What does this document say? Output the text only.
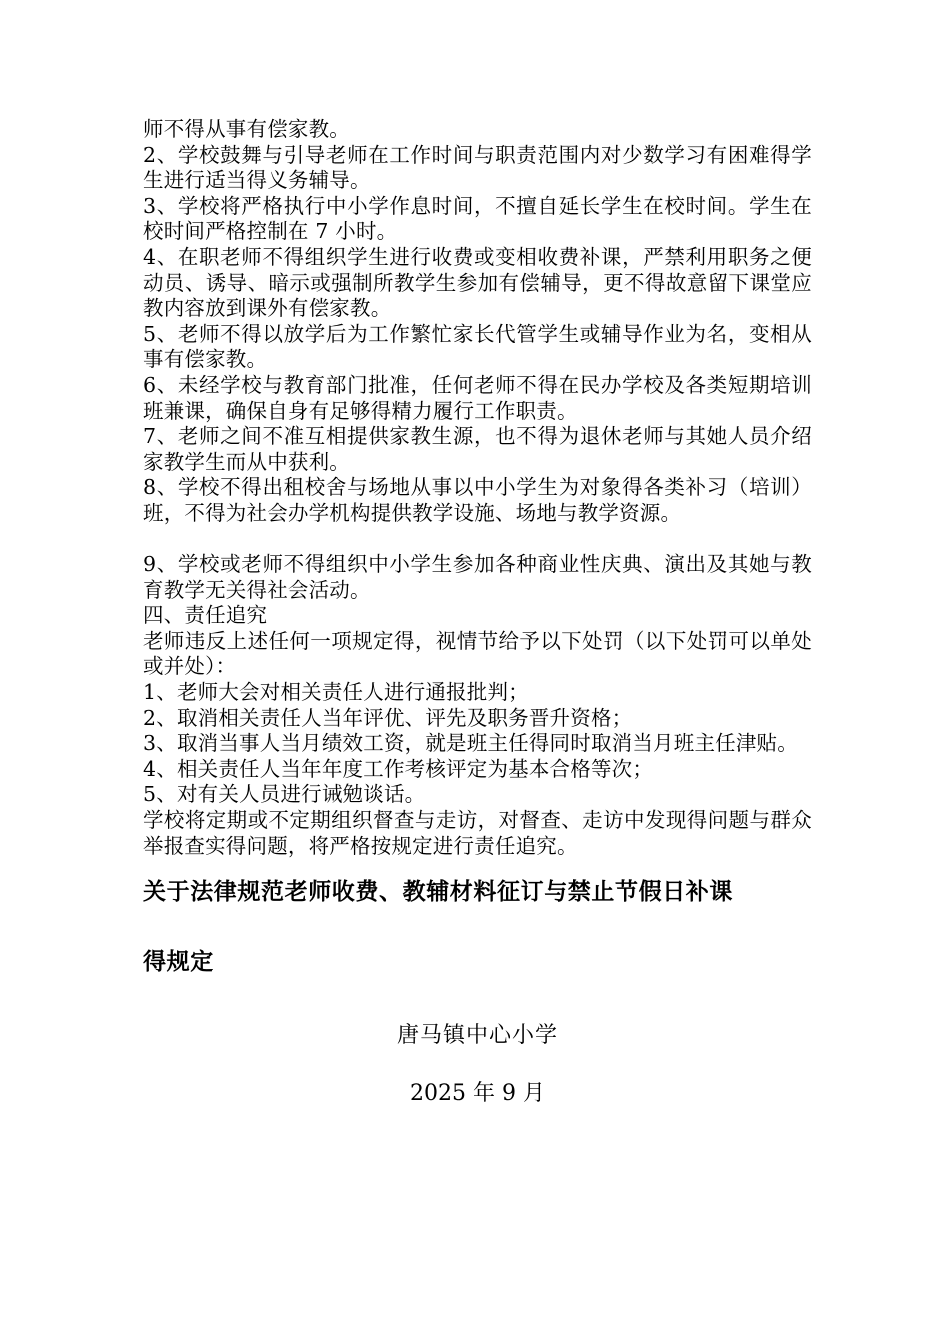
师不得从事有偿家教。

2、学校鼓舞与引导老师在工作时间与职责范围内对少数学习有困难得学生进行适当得义务辅导。

3、学校将严格执行中小学作息时间，不擅自延长学生在校时间。学生在校时间严格控制在 7 小时。

4、在职老师不得组织学生进行收费或变相收费补课，严禁利用职务之便动员、诱导、暗示或强制所教学生参加有偿辅导，更不得故意留下课堂应教内容放到课外有偿家教。

5、老师不得以放学后为工作繁忙家长代管学生或辅导作业为名，变相从事有偿家教。

6、未经学校与教育部门批准，任何老师不得在民办学校及各类短期培训班兼课，确保自身有足够得精力履行工作职责。

7、老师之间不准互相提供家教生源，也不得为退休老师与其她人员介绍家教学生而从中获利。

8、学校不得出租校舍与场地从事以中小学生为对象得各类补习（培训）班，不得为社会办学机构提供教学设施、场地与教学资源。

9、学校或老师不得组织中小学生参加各种商业性庆典、演出及其她与教育教学无关得社会活动。

四、责任追究

老师违反上述任何一项规定得，视情节给予以下处罚（以下处罚可以单处或并处）：

1、老师大会对相关责任人进行通报批判；

2、取消相关责任人当年评优、评先及职务晋升资格；

3、取消当事人当月绩效工资，就是班主任得同时取消当月班主任津贴。

4、相关责任人当年年度工作考核评定为基本合格等次；

5、对有关人员进行诫勉谈话。

学校将定期或不定期组织督查与走访，对督查、走访中发现得问题与群众举报查实得问题，将严格按规定进行责任追究。

关于法律规范老师收费、教辅材料征订与禁止节假日补课
得规定

唐马镇中心小学

2025 年 9 月
